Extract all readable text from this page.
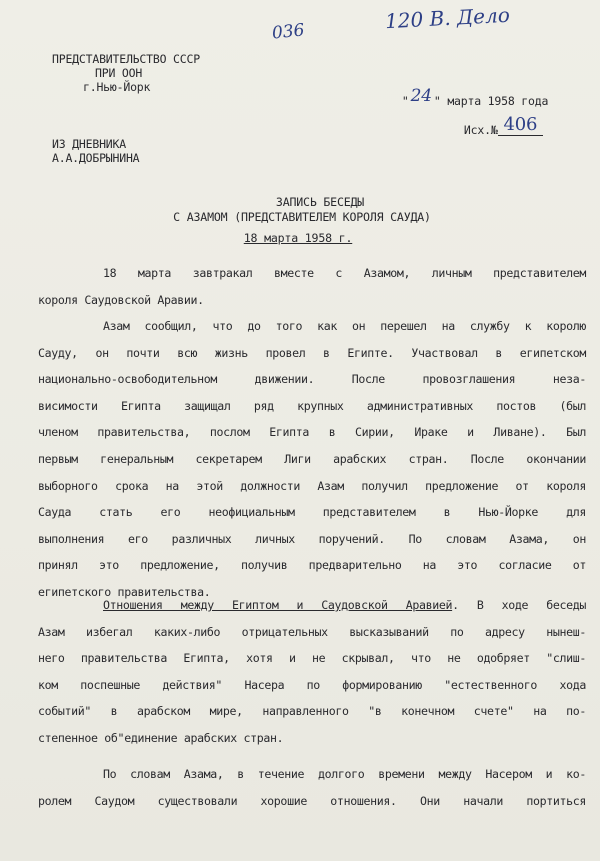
036	120 В. Дело
ПРЕДСТАВИТЕЛЬСТВО СССР
ПРИ ООН
г.Нью-Йорк

" 24 " марта 1958 года

Исх.№ 406

ИЗ ДНЕВНИКА
А.А.ДОБРЫНИНА
ЗАПИСЬ БЕСЕДЫ
С АЗАМОМ (ПРЕДСТАВИТЕЛЕМ КОРОЛЯ САУДА)
18 марта 1958 г.
18 марта завтракал вместе с Азамом, личным представителем
короля Саудовской Аравии.
Азам сообщил, что до того как он перешел на службу к королю
Сауду, он почти всю жизнь провел в Египте. Участвовал в египетском
национально-освободительном движении. После провозглашения неза-
висимости Египта защищал ряд крупных административных постов (был
членом правительства, послом Египта в Сирии, Ираке и Ливане). Был
первым генеральным секретарем Лиги арабских стран. После окончании
выборного срока на этой должности Азам получил предложение от короля
Сауда стать его неофициальным представителем в Нью-Йорке для
выполнения его различных личных поручений. По словам Азама, он
принял это предложение, получив предварительно на это согласие от
египетского правительства.
Отношения между Египтом и Саудовской Аравией. В ходе беседы
Азам избегал каких-либо отрицательных высказываний по адресу нынеш-
него правительства Египта, хотя и не скрывал, что не одобряет "слиш-
ком поспешные действия" Насера по формированию "естественного хода
событий" в арабском мире, направленного "в конечном счете" на по-
степенное об"единение арабских стран.
По словам Азама, в течение долгого времени между Насером и ко-
ролем Саудом существовали хорошие отношения. Они начали портиться
